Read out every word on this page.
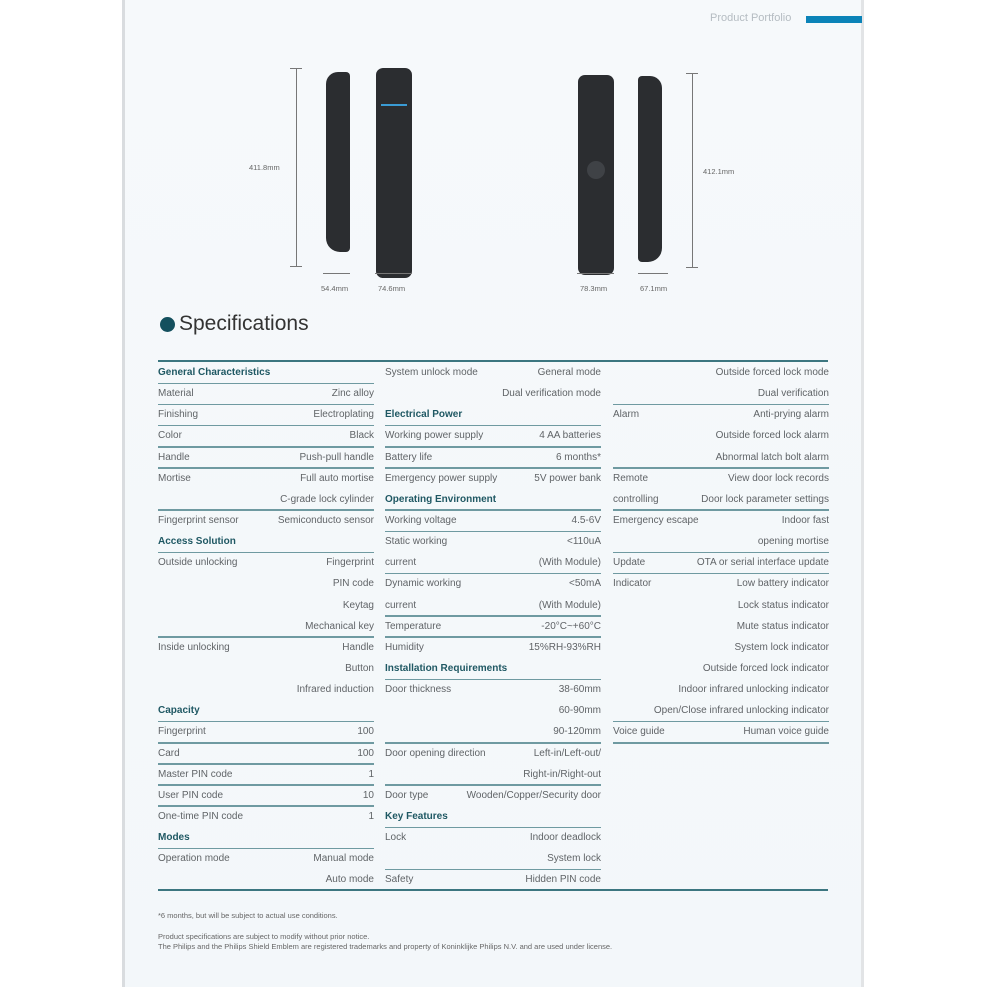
Product Portfolio
411.8mm	412.1mm
54.4mm	74.6mm	78.3mm	67.1mm
Specifications
General Characteristics
Material	Zinc alloy
Finishing	Electroplating
Color	Black
Handle	Push-pull handle
Mortise	Full auto mortise
C-grade lock cylinder
Fingerprint sensor	Semiconducto sensor
Access Solution
Outside unlocking	Fingerprint
PIN code
Keytag
Mechanical key
Inside unlocking	Handle
Button
Infrared induction
Capacity
Fingerprint	100
Card	100
Master PIN code	1
User PIN code	10
One-time PIN code	1
Modes
Operation mode	Manual mode
Auto mode
System unlock mode	General mode
Dual verification mode
Electrical Power
Working power supply	4 AA batteries
Battery life	6 months*
Emergency power supply	5V power bank
Operating Environment
Working voltage	4.5-6V
Static working	<110uA
current	(With Module)
Dynamic working	<50mA
current	(With Module)
Temperature	-20°C~+60°C
Humidity	15%RH-93%RH
Installation Requirements
Door thickness	38-60mm
60-90mm
90-120mm
Door opening direction	Left-in/Left-out/
Right-in/Right-out
Door type	Wooden/Copper/Security door
Key Features
Lock	Indoor deadlock
System lock
Safety	Hidden PIN code
Outside forced lock mode
Dual verification
Alarm	Anti-prying alarm
Outside forced lock alarm
Abnormal latch bolt alarm
Remote	View door lock records
controlling	Door lock parameter settings
Emergency escape	Indoor fast
opening mortise
Update	OTA or serial interface update
Indicator	Low battery indicator
Lock status indicator
Mute status indicator
System lock indicator
Outside forced lock indicator
Indoor infrared unlocking indicator
Open/Close infrared unlocking indicator
Voice guide	Human voice guide
*6 months, but will be subject to actual use conditions.
Product specifications are subject to modify without prior notice.
The Philips and the Philips Shield Emblem are registered trademarks and property of Koninklijke Philips N.V. and are used under license.
